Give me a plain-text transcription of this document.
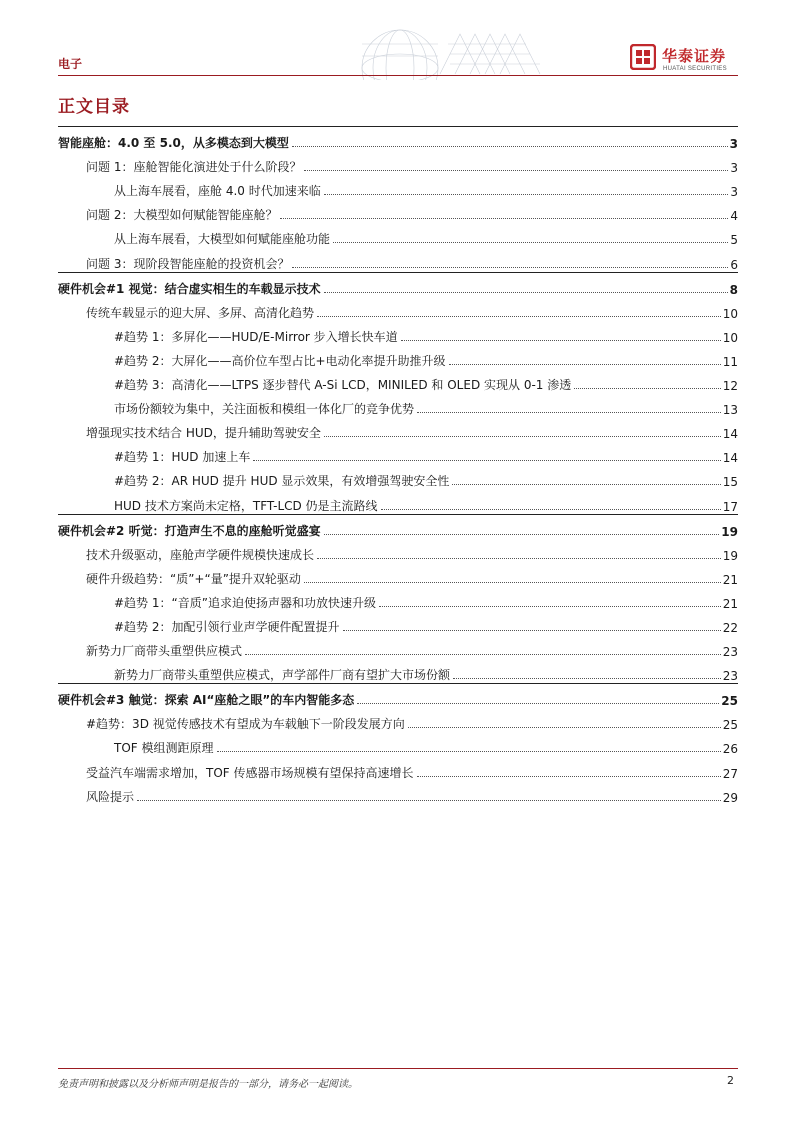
电子	华泰证券
HUATAI SECURITIES
正文目录
智能座舱：4.0 至 5.0，从多模态到大模型	3
问题 1：座舱智能化演进处于什么阶段？	3
从上海车展看，座舱 4.0 时代加速来临	3
问题 2：大模型如何赋能智能座舱？	4
从上海车展看，大模型如何赋能座舱功能	5
问题 3：现阶段智能座舱的投资机会？	6
硬件机会#1 视觉：结合虚实相生的车载显示技术	8
传统车载显示的迎大屏、多屏、高清化趋势	10
#趋势 1：多屏化——HUD/E-Mirror 步入增长快车道	10
#趋势 2：大屏化——高价位车型占比+电动化率提升助推升级	11
#趋势 3：高清化——LTPS 逐步替代 A-Si LCD，MINILED 和 OLED 实现从 0-1 渗透	12
市场份额较为集中，关注面板和模组一体化厂的竞争优势	13
增强现实技术结合 HUD，提升辅助驾驶安全	14
#趋势 1：HUD 加速上车	14
#趋势 2：AR HUD 提升 HUD 显示效果，有效增强驾驶安全性	15
HUD 技术方案尚未定格，TFT-LCD 仍是主流路线	17
硬件机会#2 听觉：打造声生不息的座舱听觉盛宴	19
技术升级驱动，座舱声学硬件规模快速成长	19
硬件升级趋势：“质”+“量”提升双轮驱动	21
#趋势 1：“音质”追求迫使扬声器和功放快速升级	21
#趋势 2：加配引领行业声学硬件配置提升	22
新势力厂商带头重塑供应模式	23
新势力厂商带头重塑供应模式，声学部件厂商有望扩大市场份额	23
硬件机会#3 触觉：探索 AI“座舱之眼”的车内智能多态	25
#趋势：3D 视觉传感技术有望成为车载触下一阶段发展方向	25
TOF 模组测距原理	26
受益汽车端需求增加，TOF 传感器市场规模有望保持高速增长	27
风险提示	29
免责声明和披露以及分析师声明是报告的一部分，请务必一起阅读。	2
